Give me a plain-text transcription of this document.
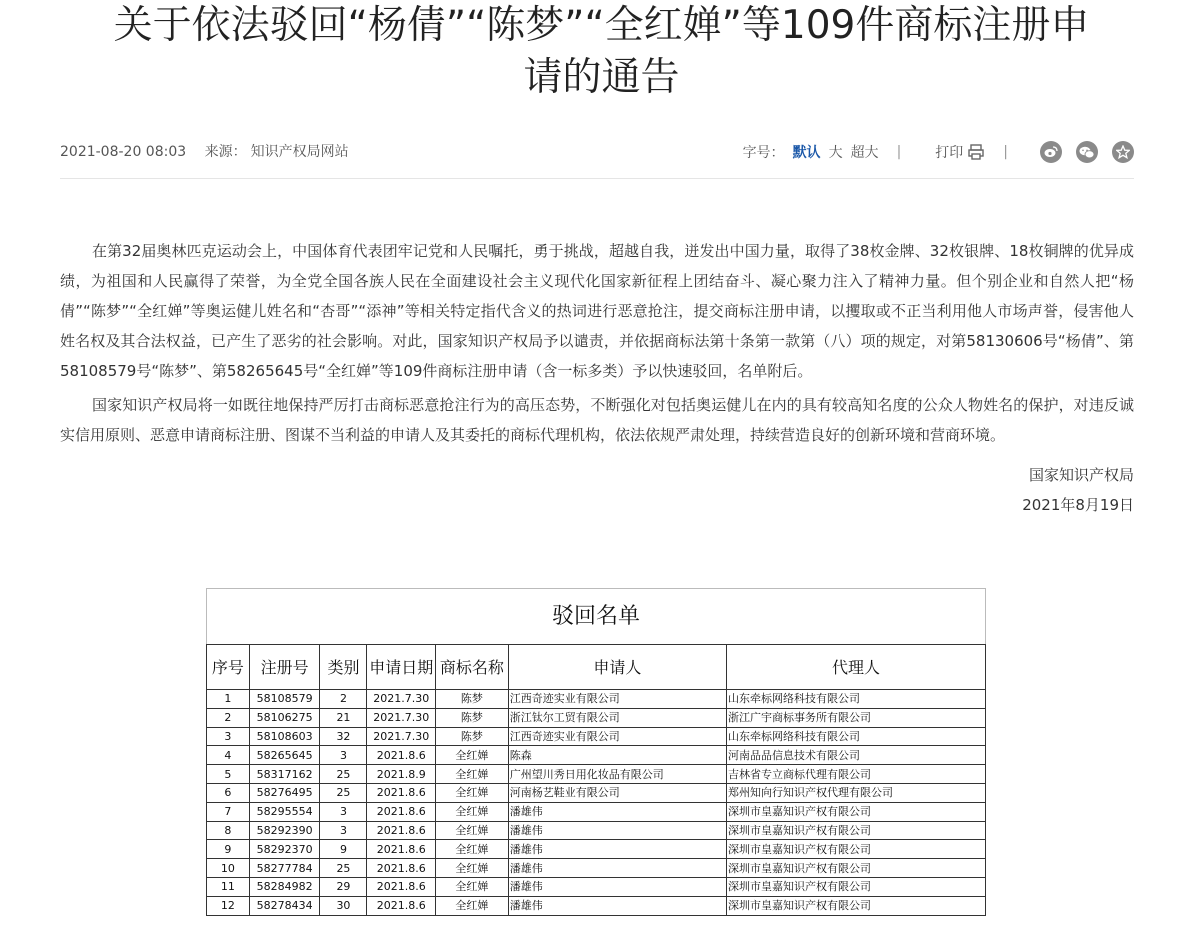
关于依法驳回“杨倩”“陈梦”“全红婵”等109件商标注册申
请的通告
2021-08-20 08:03 来源： 知识产权局网站	字号： 默认 大 超大 | 打印	|

在第32届奥林匹克运动会上，中国体育代表团牢记党和人民嘱托，勇于挑战，超越自我，迸发出中国力量，取得了38枚金牌、32枚银牌、18枚铜牌的优异成绩，为祖国和人民赢得了荣誉，为全党全国各族人民在全面建设社会主义现代化国家新征程上团结奋斗、凝心聚力注入了精神力量。但个别企业和自然人把“杨倩”“陈梦”“全红婵”等奥运健儿姓名和“杏哥”“添神”等相关特定指代含义的热词进行恶意抢注，提交商标注册申请，以攫取或不正当利用他人市场声誉，侵害他人姓名权及其合法权益，已产生了恶劣的社会影响。对此，国家知识产权局予以谴责，并依据商标法第十条第一款第（八）项的规定，对第58130606号“杨倩”、第58108579号“陈梦”、第58265645号“全红婵”等109件商标注册申请（含一标多类）予以快速驳回，名单附后。

国家知识产权局将一如既往地保持严厉打击商标恶意抢注行为的高压态势，不断强化对包括奥运健儿在内的具有较高知名度的公众人物姓名的保护，对违反诚实信用原则、恶意申请商标注册、图谋不当利益的申请人及其委托的商标代理机构，依法依规严肃处理，持续营造良好的创新环境和营商环境。

国家知识产权局

2021年8月19日

驳回名单
序号	注册号	类别	申请日期	商标名称	申请人	代理人
1	58108579	2	2021.7.30	陈梦	江西奇迹实业有限公司	山东牵标网络科技有限公司
2	58106275	21	2021.7.30	陈梦	浙江钛尔工贸有限公司	浙江广宇商标事务所有限公司
3	58108603	32	2021.7.30	陈梦	江西奇迹实业有限公司	山东牵标网络科技有限公司
4	58265645	3	2021.8.6	全红婵	陈森	河南品品信息技术有限公司
5	58317162	25	2021.8.9	全红婵	广州望川秀日用化妆品有限公司	吉林省专立商标代理有限公司
6	58276495	25	2021.8.6	全红婵	河南杨艺鞋业有限公司	郑州知向行知识产权代理有限公司
7	58295554	3	2021.8.6	全红婵	潘雄伟	深圳市皇嘉知识产权有限公司
8	58292390	3	2021.8.6	全红婵	潘雄伟	深圳市皇嘉知识产权有限公司
9	58292370	9	2021.8.6	全红婵	潘雄伟	深圳市皇嘉知识产权有限公司
10	58277784	25	2021.8.6	全红婵	潘雄伟	深圳市皇嘉知识产权有限公司
11	58284982	29	2021.8.6	全红婵	潘雄伟	深圳市皇嘉知识产权有限公司
12	58278434	30	2021.8.6	全红婵	潘雄伟	深圳市皇嘉知识产权有限公司
